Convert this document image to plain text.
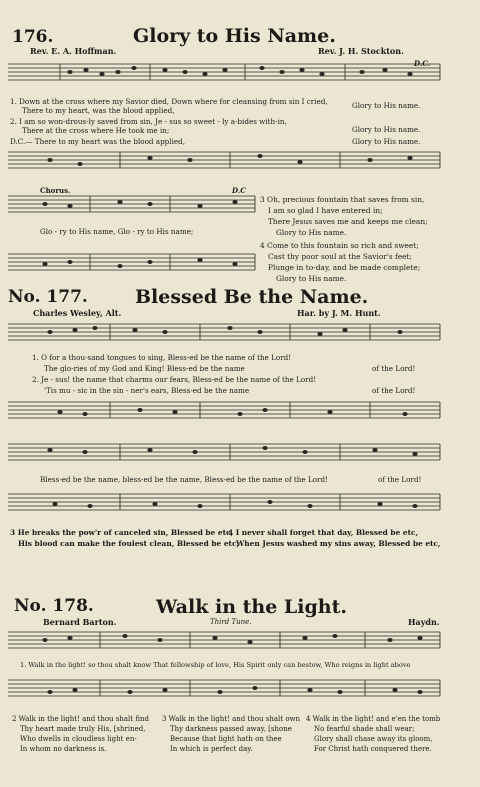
176.	Glory to His Name.
Rev. E. A. Hoffman.	Rev. J. H. Stockton.
D.C.
1. Down at the cross where my Savior died, Down where for cleansing from sin I cried,	Glory to His name.
There to my heart, was the blood applied,
2. I am so won-drous-ly saved from sin, Je - sus so sweet - ly a-bides with-in,
Glory to His name.
There at the cross where He took me in;
D.C.— There to my heart was the blood applied,	Glory to His name.
Chorus.	D.C
Glo - ry to His name, Glo - ry to His name;
3 Oh, precious fountain that saves from sin,
I am so glad I have entered in;
There Jesus saves me and keeps me clean;
Glory to His name.
4 Come to this fountain so rich and sweet;
Cast thy poor soul at the Savior's feet;
Plunge in to-day, and be made complete;
Glory to His name.
No. 177. Blessed Be the Name.
Charles Wesley, Alt.	Har. by J. M. Hunt.
1. O for a thou-sand tongues to sing, Bless-ed be the name of the Lord!
The glo-ries of my God and King! Bless-ed be the name	of the Lord!
2. Je - sus! the name that charms our fears, Bless-ed be the name of the Lord!
'Tis mu - sic in the sin - ner's ears, Bless-ed be the name	of the Lord!
Bless-ed be the name, bless-ed be the name, Bless-ed be the name of the Lord!	of the Lord!
3 He breaks the pow'r of canceled sin, Blessed be etc,
His blood can make the foulest clean, Blessed be etc,
4 I never shall forget that day, Blessed be etc,
When Jesus washed my sins away, Blessed be etc,
No. 178.	Walk in the Light.
Bernard Barton.	Third Tune.	Haydn.
1. Walk in the light! so thou shalt know That fellowship of love, His Spirit only can bestow, Who reigns in light above
2 Walk in the light! and thou shalt find
Thy heart made truly His, [shrined,
Who dwells in cloudless light en-
In whom no darkness is.
3 Walk in the light! and thou shalt own
Thy darkness passed away, [shone
Because that light hath on thee
In which is perfect day.
4 Walk in the light! and e'en the tomb
No fearful shade shall wear;
Glory shall chase away its gloom,
For Christ hath conquered there.
